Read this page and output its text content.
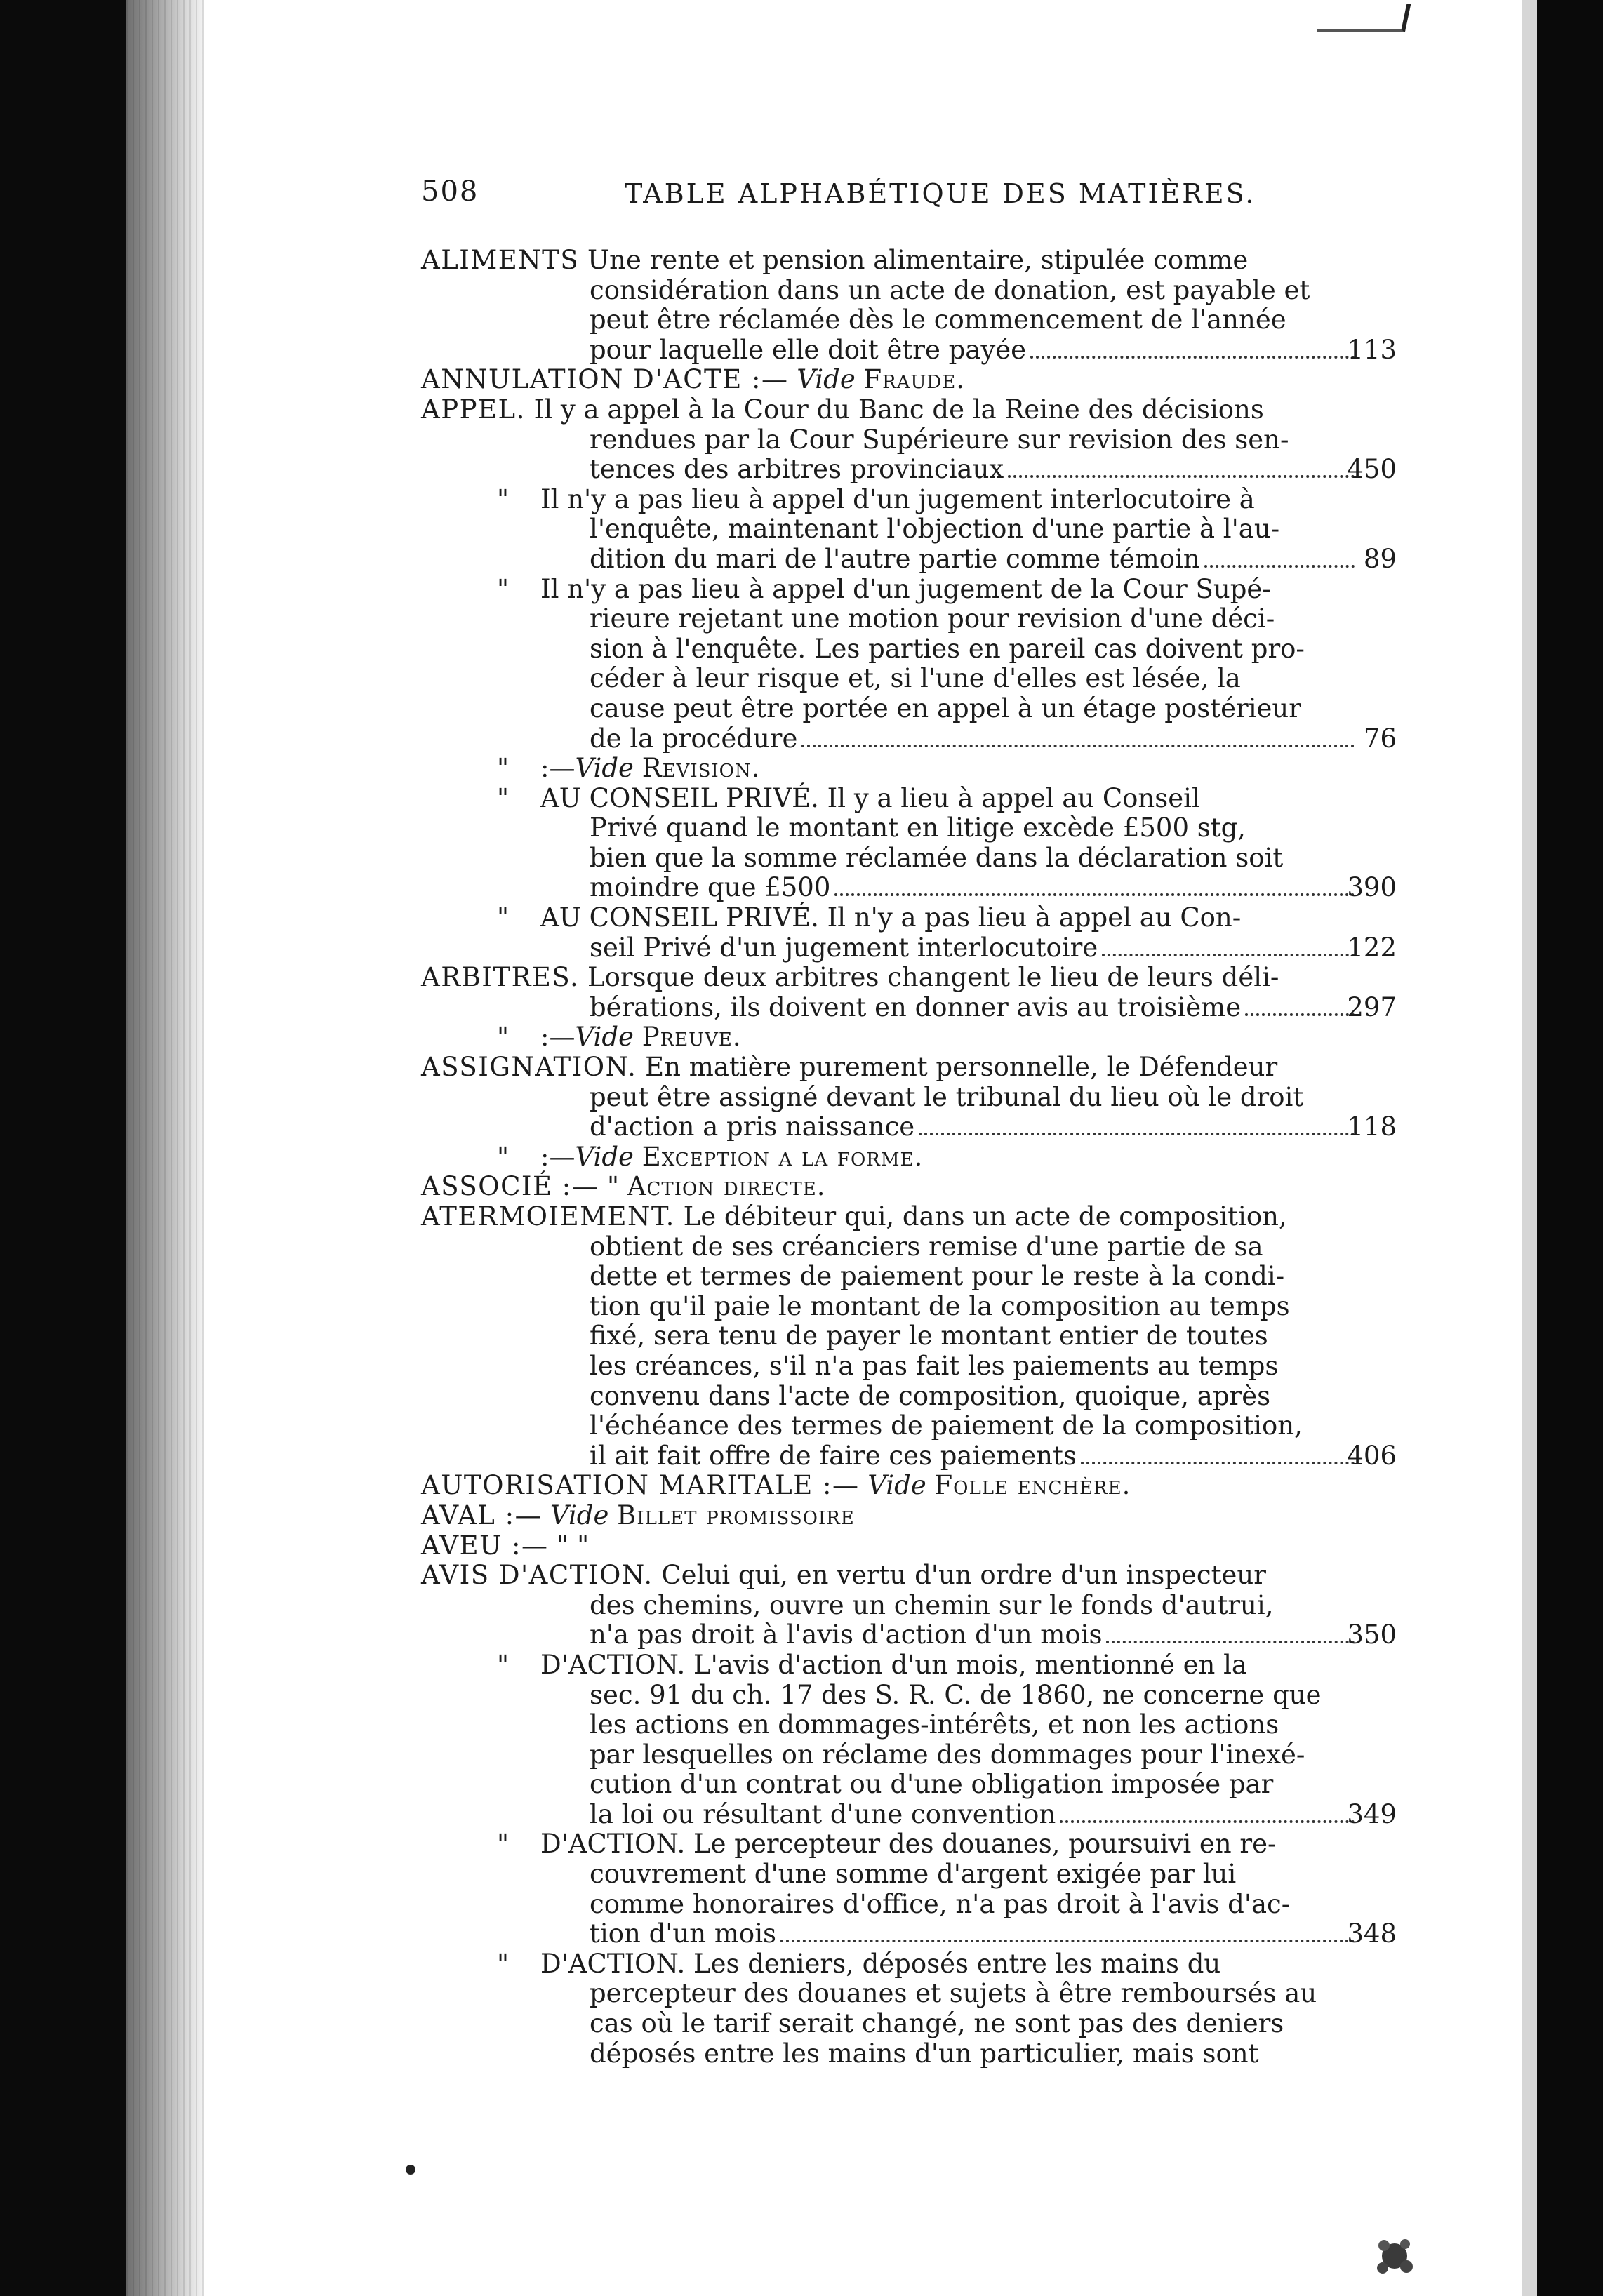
508	TABLE ALPHABÉTIQUE DES MATIÈRES.
ALIMENTS Une rente et pension alimentaire, stipulée comme
considération dans un acte de donation, est payable et
peut être réclamée dès le commencement de l'année
pour laquelle elle doit être payée	113
ANNULATION D'ACTE :— Vide Fraude.
APPEL. Il y a appel à la Cour du Banc de la Reine des décisions
rendues par la Cour Supérieure sur revision des sen-
tences des arbitres provinciaux	450
" Il n'y a pas lieu à appel d'un jugement interlocutoire à
l'enquête, maintenant l'objection d'une partie à l'au-
dition du mari de l'autre partie comme témoin	89
" Il n'y a pas lieu à appel d'un jugement de la Cour Supé-
rieure rejetant une motion pour revision d'une déci-
sion à l'enquête. Les parties en pareil cas doivent pro-
céder à leur risque et, si l'une d'elles est lésée, la
cause peut être portée en appel à un étage postérieur
de la procédure	76
" :—Vide Revision.
" AU CONSEIL PRIVÉ. Il y a lieu à appel au Conseil
Privé quand le montant en litige excède £500 stg,
bien que la somme réclamée dans la déclaration soit
moindre que £500	390
" AU CONSEIL PRIVÉ. Il n'y a pas lieu à appel au Con-
seil Privé d'un jugement interlocutoire	122
ARBITRES. Lorsque deux arbitres changent le lieu de leurs déli-
bérations, ils doivent en donner avis au troisième	297
" :—Vide Preuve.
ASSIGNATION. En matière purement personnelle, le Défendeur
peut être assigné devant le tribunal du lieu où le droit
d'action a pris naissance	118
" :—Vide Exception a la forme.
ASSOCIÉ :— " Action directe.
ATERMOIEMENT. Le débiteur qui, dans un acte de composition,
obtient de ses créanciers remise d'une partie de sa
dette et termes de paiement pour le reste à la condi-
tion qu'il paie le montant de la composition au temps
fixé, sera tenu de payer le montant entier de toutes
les créances, s'il n'a pas fait les paiements au temps
convenu dans l'acte de composition, quoique, après
l'échéance des termes de paiement de la composition,
il ait fait offre de faire ces paiements	406
AUTORISATION MARITALE :— Vide Folle enchère.
AVAL :— Vide Billet promissoire
AVEU :— " "
AVIS D'ACTION. Celui qui, en vertu d'un ordre d'un inspecteur
des chemins, ouvre un chemin sur le fonds d'autrui,
n'a pas droit à l'avis d'action d'un mois	350
" D'ACTION. L'avis d'action d'un mois, mentionné en la
sec. 91 du ch. 17 des S. R. C. de 1860, ne concerne que
les actions en dommages-intérêts, et non les actions
par lesquelles on réclame des dommages pour l'inexé-
cution d'un contrat ou d'une obligation imposée par
la loi ou résultant d'une convention	349
" D'ACTION. Le percepteur des douanes, poursuivi en re-
couvrement d'une somme d'argent exigée par lui
comme honoraires d'office, n'a pas droit à l'avis d'ac-
tion d'un mois	348
" D'ACTION. Les deniers, déposés entre les mains du
percepteur des douanes et sujets à être remboursés au
cas où le tarif serait changé, ne sont pas des deniers
déposés entre les mains d'un particulier, mais sont
